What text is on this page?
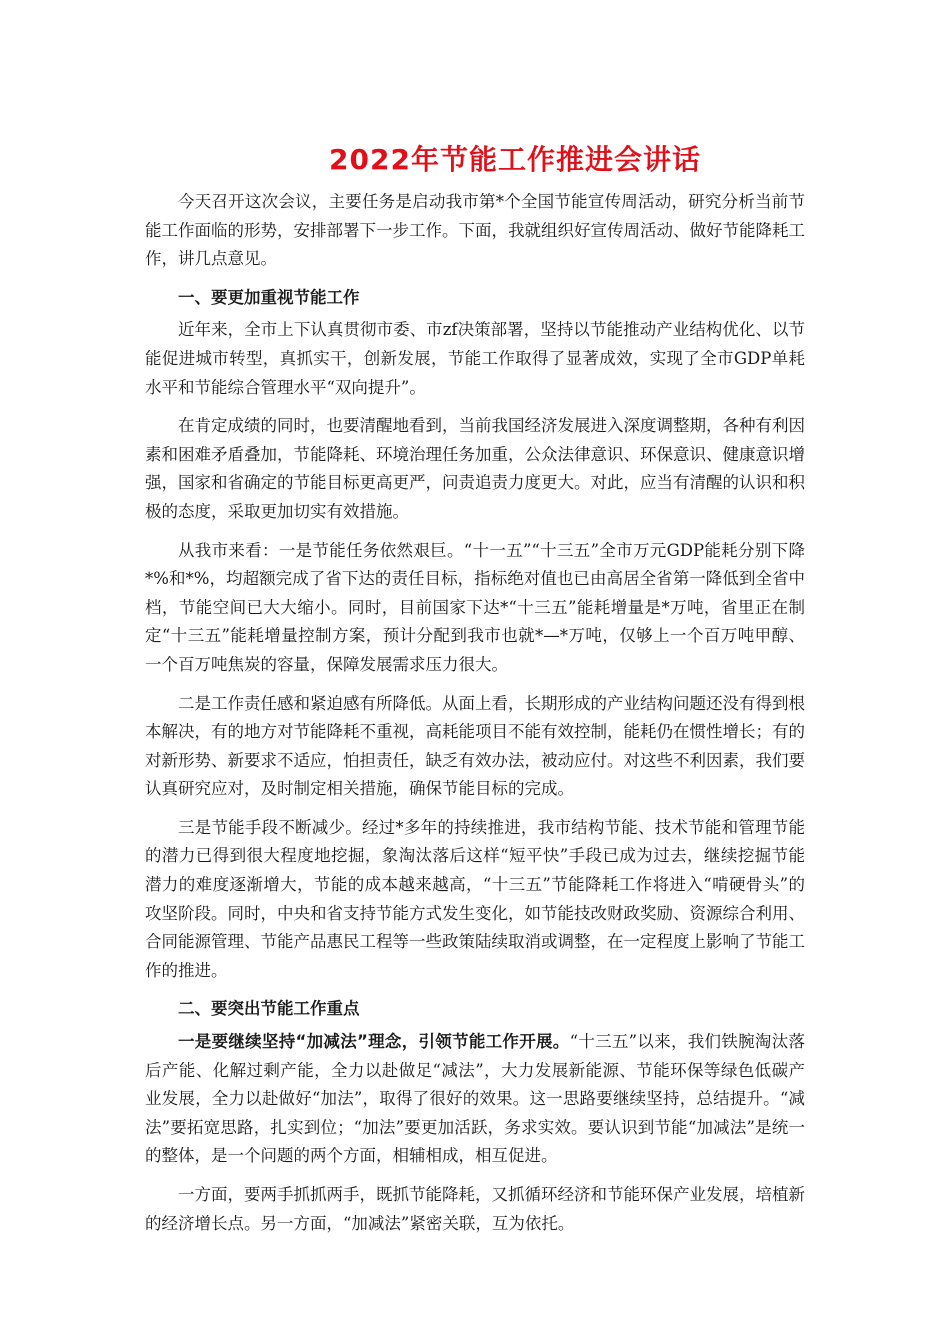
2022年节能工作推进会讲话

今天召开这次会议，主要任务是启动我市第*个全国节能宣传周活动，研究分析当前节能工作面临的形势，安排部署下一步工作。下面，我就组织好宣传周活动、做好节能降耗工作，讲几点意见。

一、要更加重视节能工作

近年来，全市上下认真贯彻市委、市zf决策部署，坚持以节能推动产业结构优化、以节能促进城市转型，真抓实干，创新发展，节能工作取得了显著成效，实现了全市GDP单耗水平和节能综合管理水平“双向提升”。

在肯定成绩的同时，也要清醒地看到，当前我国经济发展进入深度调整期，各种有利因素和困难矛盾叠加，节能降耗、环境治理任务加重，公众法律意识、环保意识、健康意识增强，国家和省确定的节能目标更高更严，问责追责力度更大。对此，应当有清醒的认识和积极的态度，采取更加切实有效措施。

从我市来看：一是节能任务依然艰巨。“十一五”“十三五”全市万元GDP能耗分别下降*%和*%，均超额完成了省下达的责任目标，指标绝对值也已由高居全省第一降低到全省中档，节能空间已大大缩小。同时，目前国家下达*“十三五”能耗增量是*万吨，省里正在制定“十三五”能耗增量控制方案，预计分配到我市也就*—*万吨，仅够上一个百万吨甲醇、一个百万吨焦炭的容量，保障发展需求压力很大。

二是工作责任感和紧迫感有所降低。从面上看，长期形成的产业结构问题还没有得到根本解决，有的地方对节能降耗不重视，高耗能项目不能有效控制，能耗仍在惯性增长；有的对新形势、新要求不适应，怕担责任，缺乏有效办法，被动应付。对这些不利因素，我们要认真研究应对，及时制定相关措施，确保节能目标的完成。

三是节能手段不断减少。经过*多年的持续推进，我市结构节能、技术节能和管理节能的潜力已得到很大程度地挖掘，象淘汰落后这样“短平快”手段已成为过去，继续挖掘节能潜力的难度逐渐增大，节能的成本越来越高，“十三五”节能降耗工作将进入“啃硬骨头”的攻坚阶段。同时，中央和省支持节能方式发生变化，如节能技改财政奖励、资源综合利用、合同能源管理、节能产品惠民工程等一些政策陆续取消或调整，在一定程度上影响了节能工作的推进。

二、要突出节能工作重点

一是要继续坚持“加减法”理念，引领节能工作开展。“十三五”以来，我们铁腕淘汰落后产能、化解过剩产能，全力以赴做足“减法”，大力发展新能源、节能环保等绿色低碳产业发展，全力以赴做好“加法”，取得了很好的效果。这一思路要继续坚持，总结提升。“减法”要拓宽思路，扎实到位；“加法”要更加活跃，务求实效。要认识到节能“加减法”是统一的整体，是一个问题的两个方面，相辅相成，相互促进。

一方面，要两手抓抓两手，既抓节能降耗，又抓循环经济和节能环保产业发展，培植新的经济增长点。另一方面，“加减法”紧密关联，互为依托。
